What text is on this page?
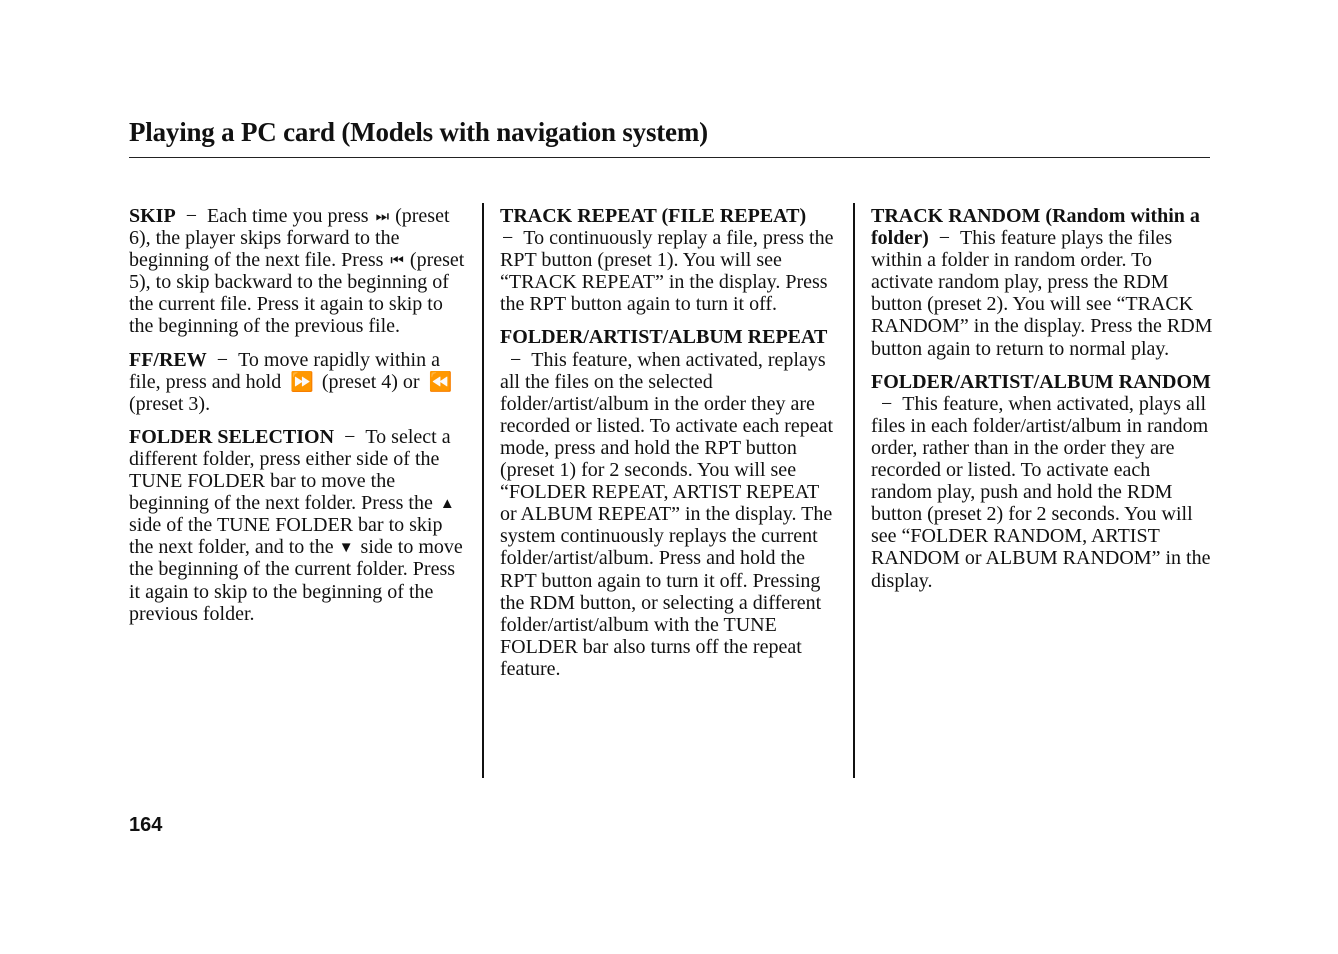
Playing a PC card (Models with navigation system)

SKIP − Each time you press ⏭ (preset 6), the player skips forward to the beginning of the next file. Press ⏮ (preset 5), to skip backward to the beginning of the current file. Press it again to skip to the beginning of the previous file.

FF/REW − To move rapidly within a file, press and hold ⏩ (preset 4) or ⏪ (preset 3).

FOLDER SELECTION − To select a different folder, press either side of the TUNE FOLDER bar to move the beginning of the next folder. Press the ▲ side of the TUNE FOLDER bar to skip the next folder, and to the ▼ side to move the beginning of the current folder. Press it again to skip to the beginning of the previous folder.

TRACK REPEAT (FILE REPEAT)
− To continuously replay a file, press the RPT button (preset 1). You will see “TRACK REPEAT” in the display. Press the RPT button again to turn it off.

FOLDER/ARTIST/ALBUM REPEAT− This feature, when activated, replays all the files on the selected folder/artist/album in the order they are recorded or listed. To activate each repeat mode, press and hold the RPT button (preset 1) for 2 seconds. You will see “FOLDER REPEAT, ARTIST REPEAT or ALBUM REPEAT” in the display. The system continuously replays the current folder/artist/album. Press and hold the RPT button again to turn it off. Pressing the RDM button, or selecting a different folder/artist/album with the TUNE FOLDER bar also turns off the repeat feature.

TRACK RANDOM (Random within a folder) − This feature plays the files within a folder in random order. To activate random play, press the RDM button (preset 2). You will see “TRACK RANDOM” in the display. Press the RDM button again to return to normal play.

FOLDER/ARTIST/ALBUM RANDOM− This feature, when activated, plays all files in each folder/artist/album in random order, rather than in the order they are recorded or listed. To activate each random play, push and hold the RDM button (preset 2) for 2 seconds. You will see “FOLDER RANDOM, ARTIST RANDOM or ALBUM RANDOM” in the display.

164
